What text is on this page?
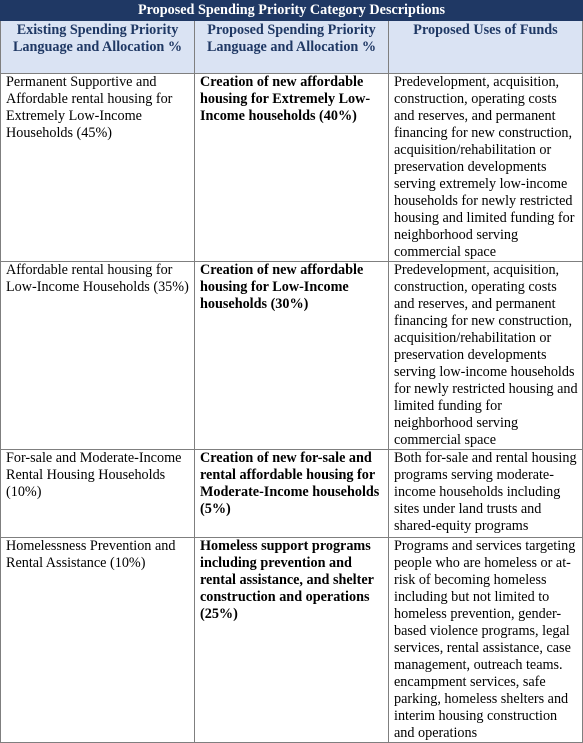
Proposed Spending Priority Category Descriptions		
Existing Spending Priority Language and Allocation %	Proposed Spending Priority Language and Allocation %	Proposed Uses of Funds
Permanent Supportive and Affordable rental housing for Extremely Low-Income Households (45%)	Creation of new affordable housing for Extremely Low-Income households (40%)	Predevelopment, acquisition, construction, operating costs and reserves, and permanent financing for new construction, acquisition/rehabilitation or preservation developments serving extremely low-income households for newly restricted housing and limited funding for neighborhood serving commercial space
Affordable rental housing for Low-Income Households (35%)	Creation of new affordable housing for Low-Income households (30%)	Predevelopment, acquisition, construction, operating costs and reserves, and permanent financing for new construction, acquisition/rehabilitation or preservation developments serving low-income households for newly restricted housing and limited funding for neighborhood serving commercial space
For-sale and Moderate-Income Rental Housing Households (10%)	Creation of new for-sale and rental affordable housing for Moderate-Income households (5%)	Both for-sale and rental housing programs serving moderate-income households including sites under land trusts and shared-equity programs
Homelessness Prevention and Rental Assistance (10%)	Homeless support programs including prevention and rental assistance, and shelter construction and operations (25%)	Programs and services targeting people who are homeless or at-risk of becoming homeless including but not limited to homeless prevention, gender-based violence programs, legal services, rental assistance, case management, outreach teams. encampment services, safe parking, homeless shelters and interim housing construction and operations
